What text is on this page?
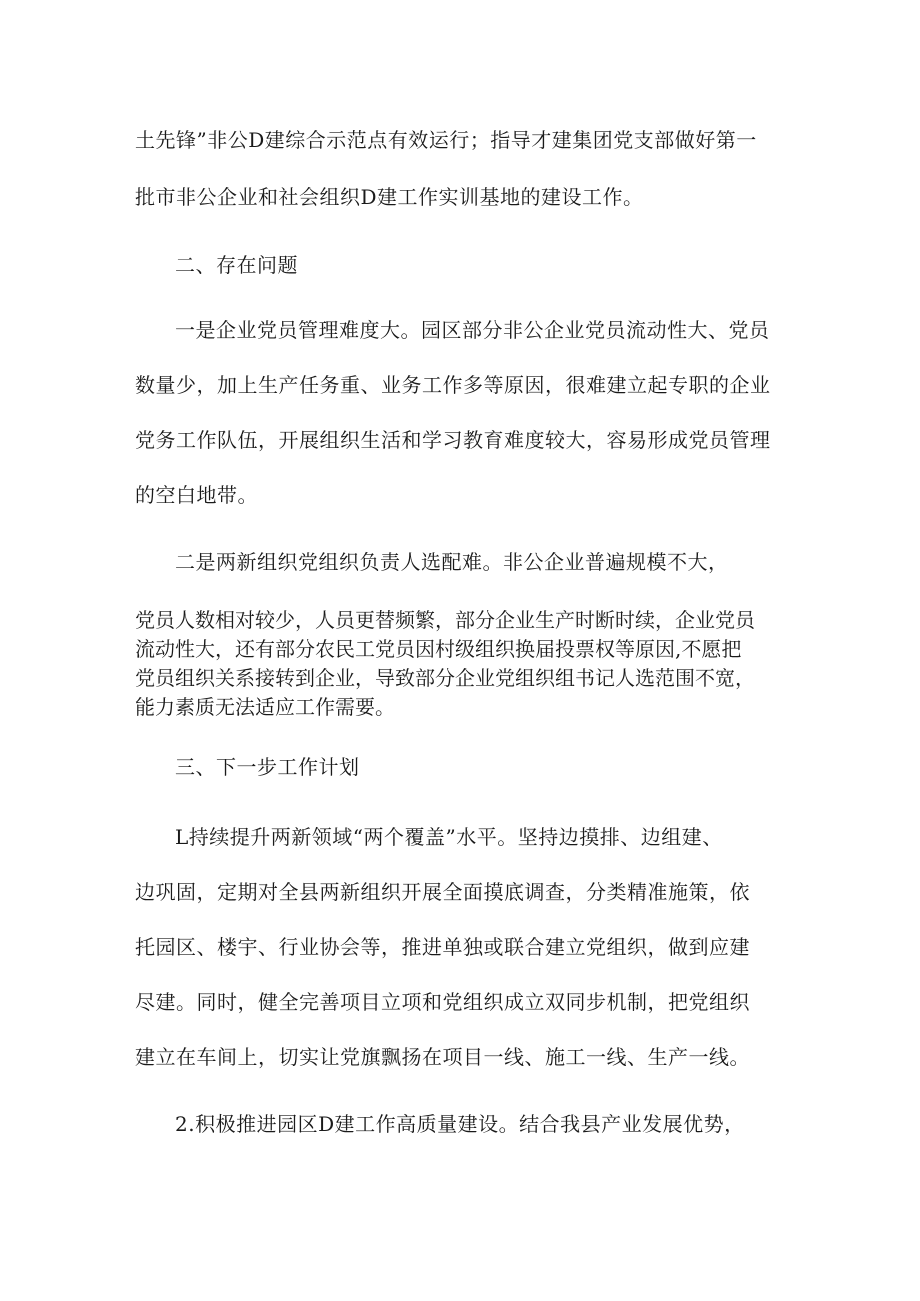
土先锋”非公D建综合示范点有效运行；指导才建集团党支部做好第一
批市非公企业和社会组织D建工作实训基地的建设工作。
二、存在问题
一是企业党员管理难度大。园区部分非公企业党员流动性大、党员
数量少，加上生产任务重、业务工作多等原因，很难建立起专职的企业
党务工作队伍，开展组织生活和学习教育难度较大，容易形成党员管理
的空白地带。
二是两新组织党组织负责人选配难。非公企业普遍规模不大，
党员人数相对较少，人员更替频繁，部分企业生产时断时续，企业党员
流动性大，还有部分农民工党员因村级组织换届投票权等原因,不愿把
党员组织关系接转到企业，导致部分企业党组织组书记人选范围不宽，
能力素质无法适应工作需要。
三、下一步工作计划
L持续提升两新领域“两个覆盖”水平。坚持边摸排、边组建、
边巩固，定期对全县两新组织开展全面摸底调查，分类精准施策，依
托园区、楼宇、行业协会等，推进单独或联合建立党组织，做到应建
尽建。同时，健全完善项目立项和党组织成立双同步机制，把党组织
建立在车间上，切实让党旗飘扬在项目一线、施工一线、生产一线。
2.积极推进园区D建工作高质量建设。结合我县产业发展优势，
